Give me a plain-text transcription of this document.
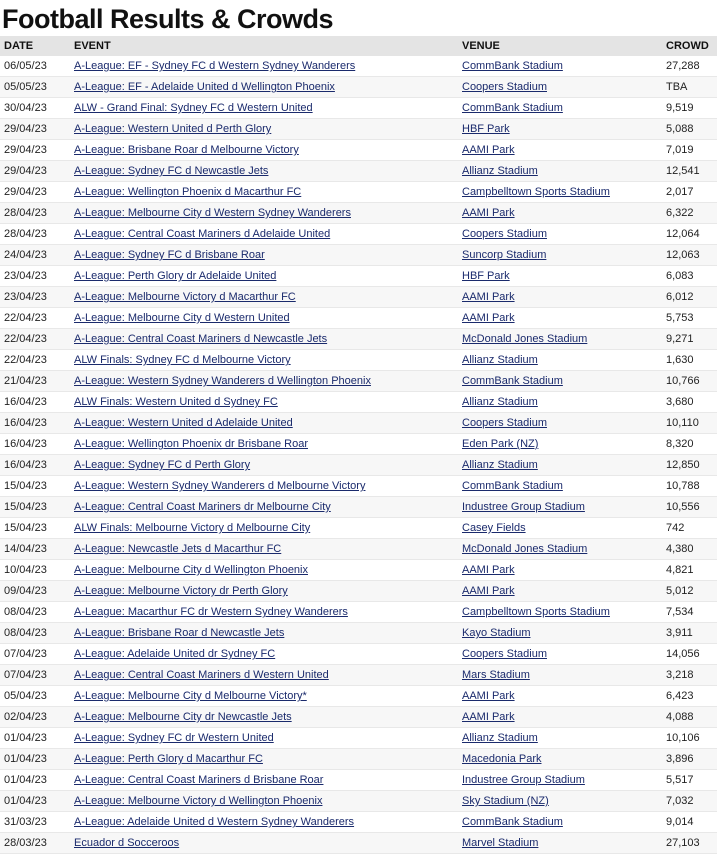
Football Results & Crowds
DATE	EVENT	VENUE	CROWD
06/05/23	A-League: EF - Sydney FC d Western Sydney Wanderers	CommBank Stadium	27,288
05/05/23	A-League: EF - Adelaide United d Wellington Phoenix	Coopers Stadium	TBA
30/04/23	ALW - Grand Final: Sydney FC d Western United	CommBank Stadium	9,519
29/04/23	A-League: Western United d Perth Glory	HBF Park	5,088
29/04/23	A-League: Brisbane Roar d Melbourne Victory	AAMI Park	7,019
29/04/23	A-League: Sydney FC d Newcastle Jets	Allianz Stadium	12,541
29/04/23	A-League: Wellington Phoenix d Macarthur FC	Campbelltown Sports Stadium	2,017
28/04/23	A-League: Melbourne City d Western Sydney Wanderers	AAMI Park	6,322
28/04/23	A-League: Central Coast Mariners d Adelaide United	Coopers Stadium	12,064
24/04/23	A-League: Sydney FC d Brisbane Roar	Suncorp Stadium	12,063
23/04/23	A-League: Perth Glory dr Adelaide United	HBF Park	6,083
23/04/23	A-League: Melbourne Victory d Macarthur FC	AAMI Park	6,012
22/04/23	A-League: Melbourne City d Western United	AAMI Park	5,753
22/04/23	A-League: Central Coast Mariners d Newcastle Jets	McDonald Jones Stadium	9,271
22/04/23	ALW Finals: Sydney FC d Melbourne Victory	Allianz Stadium	1,630
21/04/23	A-League: Western Sydney Wanderers d Wellington Phoenix	CommBank Stadium	10,766
16/04/23	ALW Finals: Western United d Sydney FC	Allianz Stadium	3,680
16/04/23	A-League: Western United d Adelaide United	Coopers Stadium	10,110
16/04/23	A-League: Wellington Phoenix dr Brisbane Roar	Eden Park (NZ)	8,320
16/04/23	A-League: Sydney FC d Perth Glory	Allianz Stadium	12,850
15/04/23	A-League: Western Sydney Wanderers d Melbourne Victory	CommBank Stadium	10,788
15/04/23	A-League: Central Coast Mariners dr Melbourne City	Industree Group Stadium	10,556
15/04/23	ALW Finals: Melbourne Victory d Melbourne City	Casey Fields	742
14/04/23	A-League: Newcastle Jets d Macarthur FC	McDonald Jones Stadium	4,380
10/04/23	A-League: Melbourne City d Wellington Phoenix	AAMI Park	4,821
09/04/23	A-League: Melbourne Victory dr Perth Glory	AAMI Park	5,012
08/04/23	A-League: Macarthur FC dr Western Sydney Wanderers	Campbelltown Sports Stadium	7,534
08/04/23	A-League: Brisbane Roar d Newcastle Jets	Kayo Stadium	3,911
07/04/23	A-League: Adelaide United dr Sydney FC	Coopers Stadium	14,056
07/04/23	A-League: Central Coast Mariners d Western United	Mars Stadium	3,218
05/04/23	A-League: Melbourne City d Melbourne Victory*	AAMI Park	6,423
02/04/23	A-League: Melbourne City dr Newcastle Jets	AAMI Park	4,088
01/04/23	A-League: Sydney FC dr Western United	Allianz Stadium	10,106
01/04/23	A-League: Perth Glory d Macarthur FC	Macedonia Park	3,896
01/04/23	A-League: Central Coast Mariners d Brisbane Roar	Industree Group Stadium	5,517
01/04/23	A-League: Melbourne Victory d Wellington Phoenix	Sky Stadium (NZ)	7,032
31/03/23	A-League: Adelaide United d Western Sydney Wanderers	CommBank Stadium	9,014
28/03/23	Ecuador d Socceroos	Marvel Stadium	27,103
